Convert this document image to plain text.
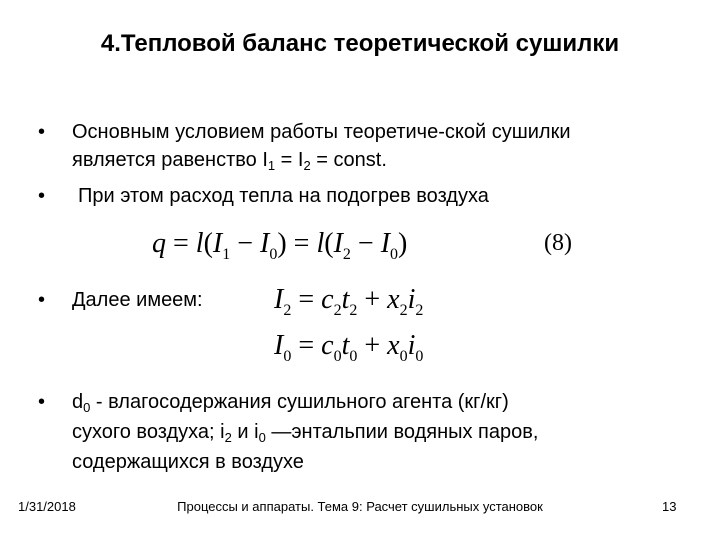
4.Тепловой баланс теоретической сушилки
• Основным условием работы теоретиче-ской сушилки
является равенство $I_1 = I_2$ = const.
• При этом расход тепла на подогрев воздуха
$q = l(I_1 - I_0) = l(I_2 - I_0)$	(8)
• Далее имеем:	$I_2 = c_2t_2 + x_2i_2$
$I_0 = c_0t_0 + x_0i_0$
• $d_0$ - влагосодержания сушильного агента (кг/кг)
сухого воздуха; $i_2$ и $i_0$ —энтальпии водяных паров,
содержащихся в воздухе
1/31/2018	Процессы и аппараты. Тема 9: Расчет сушильных установок	13
